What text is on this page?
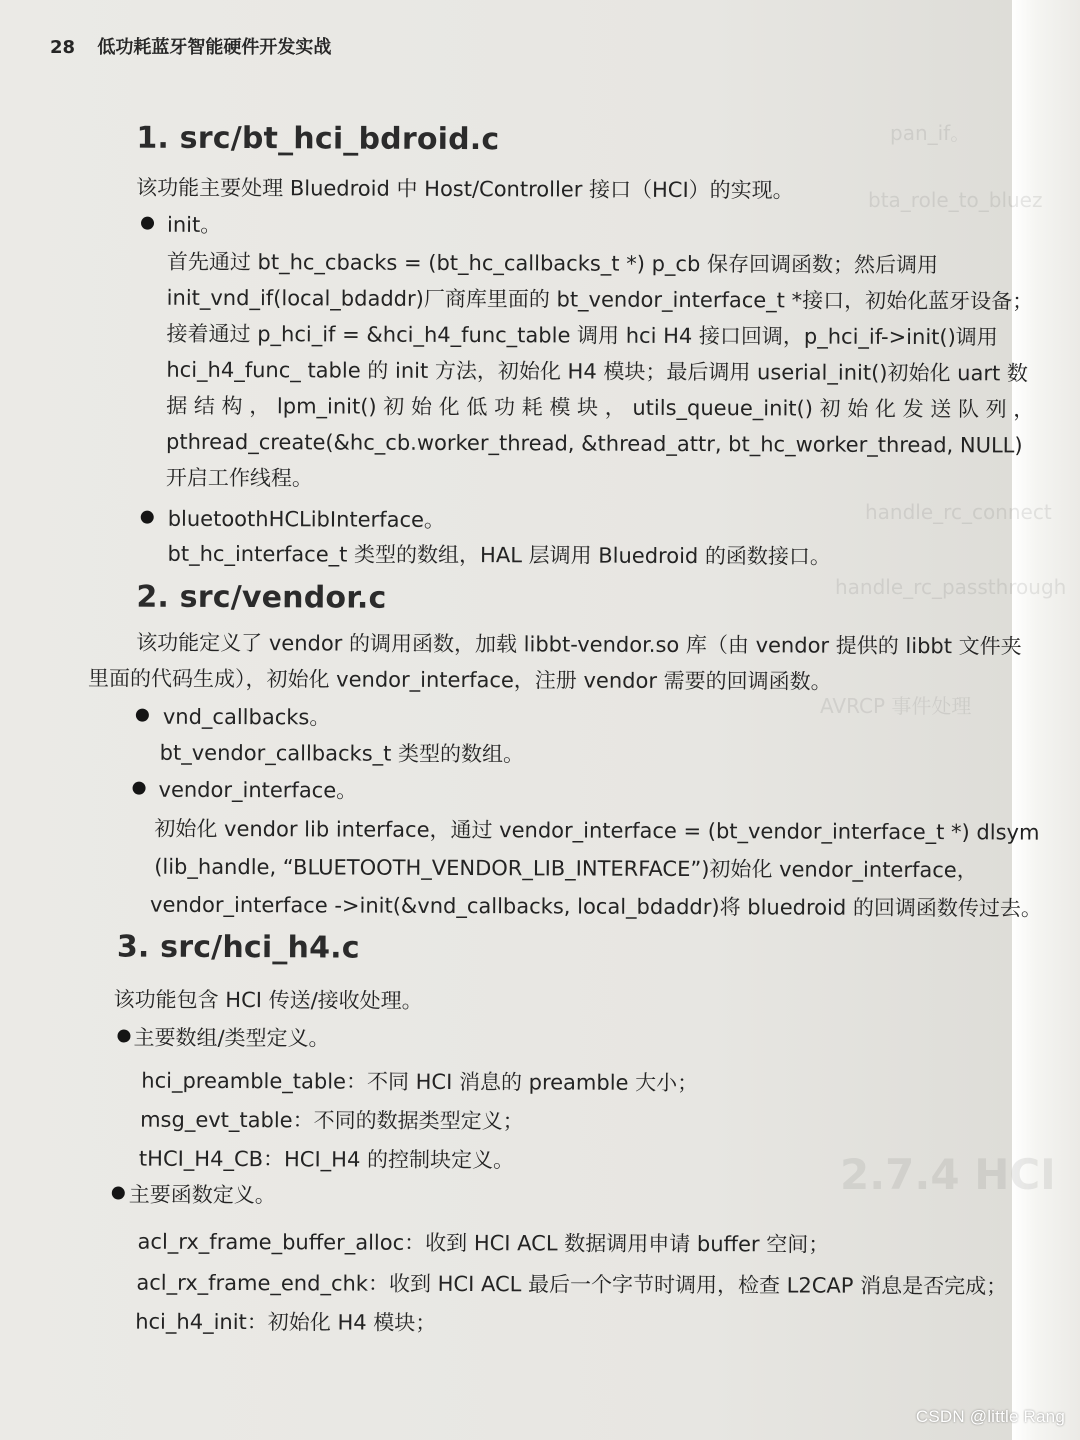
pan_if。
bta_role_to_bluez
handle_rc_connect
handle_rc_passthrough
AVRCP 事件处理
2.7.4 HCI
28 低功耗蓝牙智能硬件开发实战
1. src/bt_hci_bdroid.c
该功能主要处理 Bluedroid 中 Host/Controller 接口（HCI）的实现。
init。
首先通过 bt_hc_cbacks = (bt_hc_callbacks_t *) p_cb 保存回调函数；然后调用
init_vnd_if(local_bdaddr)厂商库里面的 bt_vendor_interface_t *接口，初始化蓝牙设备；
接着通过 p_hci_if = &hci_h4_func_table 调用 hci H4 接口回调，p_hci_if->init()调用
hci_h4_func_ table 的 init 方法，初始化 H4 模块；最后调用 userial_init()初始化 uart 数
据 结 构 ， lpm_init() 初 始 化 低 功 耗 模 块 ， utils_queue_init() 初 始 化 发 送 队 列 ，
pthread_create(&hc_cb.worker_thread, &thread_attr, bt_hc_worker_thread, NULL)
开启工作线程。
bluetoothHCLibInterface。
bt_hc_interface_t 类型的数组，HAL 层调用 Bluedroid 的函数接口。
2. src/vendor.c
该功能定义了 vendor 的调用函数，加载 libbt-vendor.so 库（由 vendor 提供的 libbt 文件夹
里面的代码生成），初始化 vendor_interface，注册 vendor 需要的回调函数。
vnd_callbacks。
bt_vendor_callbacks_t 类型的数组。
vendor_interface。
初始化 vendor lib interface，通过 vendor_interface = (bt_vendor_interface_t *) dlsym
(lib_handle, “BLUETOOTH_VENDOR_LIB_INTERFACE”)初始化 vendor_interface，
vendor_interface ->init(&vnd_callbacks, local_bdaddr)将 bluedroid 的回调函数传过去。
3. src/hci_h4.c
该功能包含 HCI 传送/接收处理。
主要数组/类型定义。
hci_preamble_table：不同 HCI 消息的 preamble 大小；
msg_evt_table：不同的数据类型定义；
tHCI_H4_CB：HCI_H4 的控制块定义。
主要函数定义。
acl_rx_frame_buffer_alloc：收到 HCI ACL 数据调用申请 buffer 空间；
acl_rx_frame_end_chk：收到 HCI ACL 最后一个字节时调用，检查 L2CAP 消息是否完成；
hci_h4_init：初始化 H4 模块；
CSDN @little Rang
